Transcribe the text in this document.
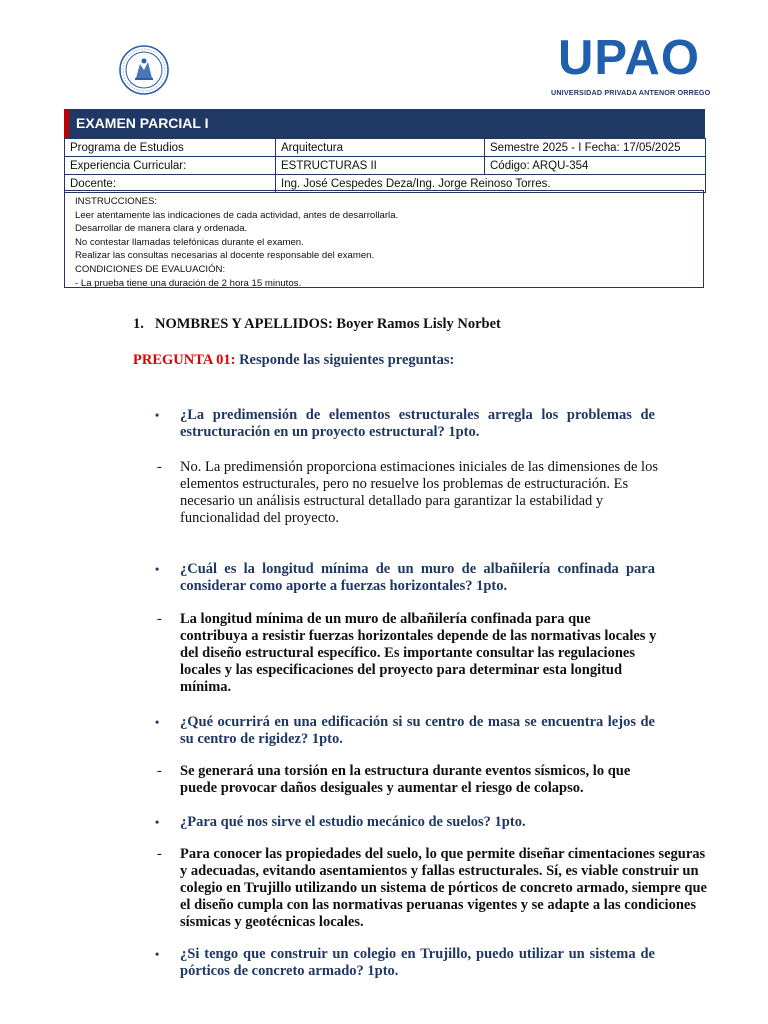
UPAO
UNIVERSIDAD PRIVADA ANTENOR ORREGO
EXAMEN PARCIAL I
Programa de Estudios	Arquitectura	Semestre 2025 - I Fecha: 17/05/2025
Experiencia Curricular:	ESTRUCTURAS II	Código: ARQU-354
Docente:	Ing. José Cespedes Deza/Ing. Jorge Reinoso Torres.	
INSTRUCCIONES:
Leer atentamente las indicaciones de cada actividad, antes de desarrollarla.
Desarrollar de manera clara y ordenada.
No contestar llamadas telefónicas durante el examen.
Realizar las consultas necesarias al docente responsable del examen.
CONDICIONES DE EVALUACIÓN:
- La prueba tiene una duración de 2 hora 15 minutos.
1. NOMBRES Y APELLIDOS: Boyer Ramos Lisly Norbet
PREGUNTA 01: Responde las siguientes preguntas:
• ¿La predimensión de elementos estructurales arregla los problemas de estructuración en un proyecto estructural? 1pto.
- No. La predimensión proporciona estimaciones iniciales de las dimensiones de los elementos estructurales, pero no resuelve los problemas de estructuración. Es necesario un análisis estructural detallado para garantizar la estabilidad y funcionalidad del proyecto.
• ¿Cuál es la longitud mínima de un muro de albañilería confinada para considerar como aporte a fuerzas horizontales? 1pto.
- La longitud mínima de un muro de albañilería confinada para que contribuya a resistir fuerzas horizontales depende de las normativas locales y del diseño estructural específico. Es importante consultar las regulaciones locales y las especificaciones del proyecto para determinar esta longitud mínima.
• ¿Qué ocurrirá en una edificación si su centro de masa se encuentra lejos de su centro de rigidez? 1pto.
- Se generará una torsión en la estructura durante eventos sísmicos, lo que puede provocar daños desiguales y aumentar el riesgo de colapso.
• ¿Para qué nos sirve el estudio mecánico de suelos? 1pto.
- Para conocer las propiedades del suelo, lo que permite diseñar cimentaciones seguras y adecuadas, evitando asentamientos y fallas estructurales. Sí, es viable construir un colegio en Trujillo utilizando un sistema de pórticos de concreto armado, siempre que el diseño cumpla con las normativas peruanas vigentes y se adapte a las condiciones sísmicas y geotécnicas locales.
• ¿Si tengo que construir un colegio en Trujillo, puedo utilizar un sistema de pórticos de concreto armado? 1pto.
